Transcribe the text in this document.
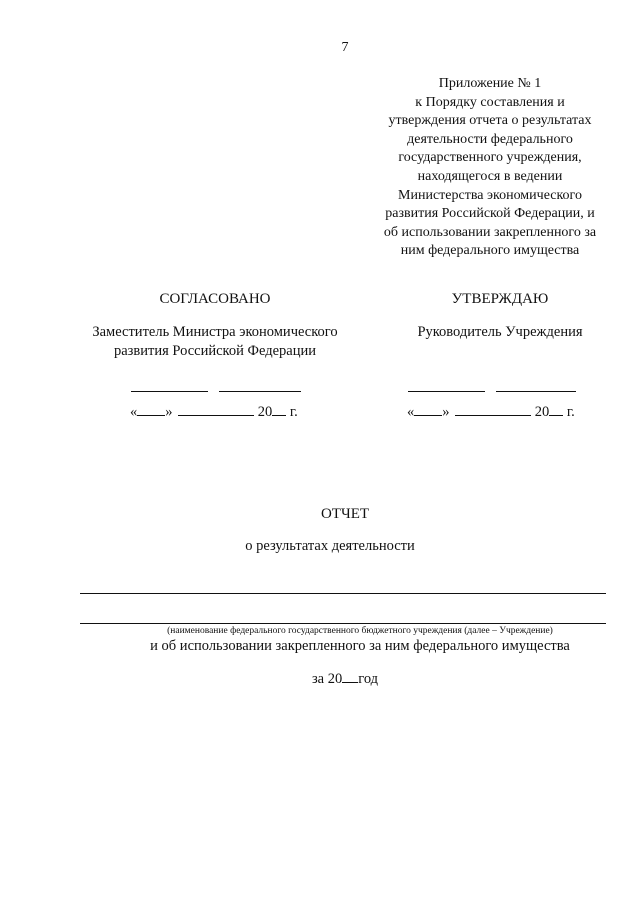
7
Приложение № 1
к Порядку составления и
утверждения отчета о результатах
деятельности федерального
государственного учреждения,
находящегося в ведении
Министерства экономического
развития Российской Федерации, и
об использовании закрепленного за
ним федерального имущества
СОГЛАСОВАНО
Заместитель Министра экономического
развития Российской Федерации
« »	20 г.
УТВЕРЖДАЮ
Руководитель Учреждения
« »	20 г.
ОТЧЕТ
о результатах деятельности
(наименование федерального государственного бюджетного учреждения (далее – Учреждение)
и об использовании закрепленного за ним федерального имущества
за 20 год
